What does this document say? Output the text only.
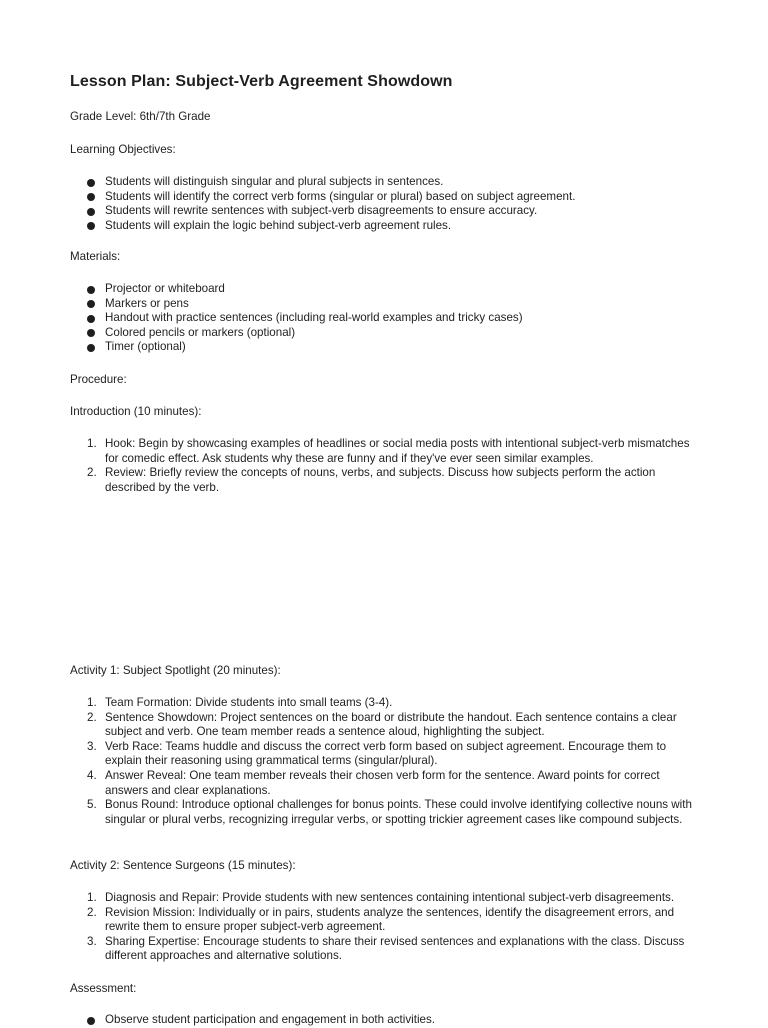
Lesson Plan: Subject-Verb Agreement Showdown

Grade Level: 6th/7th Grade

Learning Objectives:

Students will distinguish singular and plural subjects in sentences.
Students will identify the correct verb forms (singular or plural) based on subject agreement.
Students will rewrite sentences with subject-verb disagreements to ensure accuracy.
Students will explain the logic behind subject-verb agreement rules.

Materials:

Projector or whiteboard
Markers or pens
Handout with practice sentences (including real-world examples and tricky cases)
Colored pencils or markers (optional)
Timer (optional)

Procedure:

Introduction (10 minutes):

1. Hook: Begin by showcasing examples of headlines or social media posts with intentional subject-verb mismatches for comedic effect. Ask students why these are funny and if they've ever seen similar examples.
2. Review: Briefly review the concepts of nouns, verbs, and subjects. Discuss how subjects perform the action described by the verb.

Activity 1: Subject Spotlight (20 minutes):

1. Team Formation: Divide students into small teams (3-4).
2. Sentence Showdown: Project sentences on the board or distribute the handout. Each sentence contains a clear subject and verb. One team member reads a sentence aloud, highlighting the subject.
3. Verb Race: Teams huddle and discuss the correct verb form based on subject agreement. Encourage them to explain their reasoning using grammatical terms (singular/plural).
4. Answer Reveal: One team member reveals their chosen verb form for the sentence. Award points for correct answers and clear explanations.
5. Bonus Round: Introduce optional challenges for bonus points. These could involve identifying collective nouns with singular or plural verbs, recognizing irregular verbs, or spotting trickier agreement cases like compound subjects.

Activity 2: Sentence Surgeons (15 minutes):

1. Diagnosis and Repair: Provide students with new sentences containing intentional subject-verb disagreements.
2. Revision Mission: Individually or in pairs, students analyze the sentences, identify the disagreement errors, and rewrite them to ensure proper subject-verb agreement.
3. Sharing Expertise: Encourage students to share their revised sentences and explanations with the class. Discuss different approaches and alternative solutions.

Assessment:

Observe student participation and engagement in both activities.
